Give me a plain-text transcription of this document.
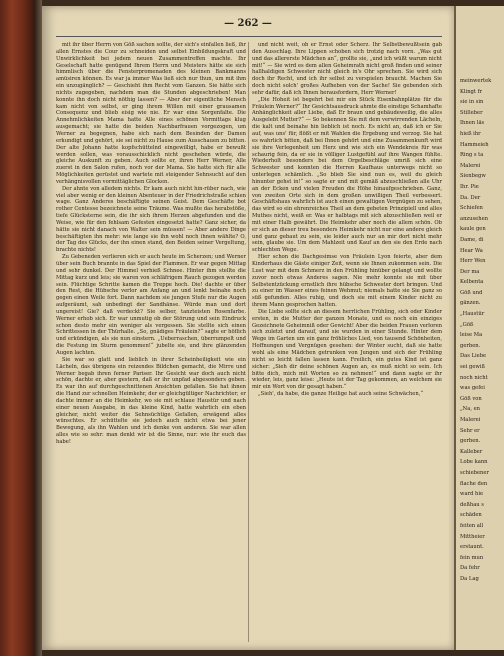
— 262 —

mit ihr über Herrn von Göß sachen sollte, der sich's einfallen ließ, ihr allen Ernstes die Cour zu schneiden und selbst Einbildungskraft und Unwirklichkeit bei jedem neuen Zusammentreffen machte. Ihr Geselschaft hatte genügend Ihrem Herrn und Meisters hätte sie sich himmlisch über die Fensterpromenaden des kleinen Bankmanns amüsiren können. Es war ja immer Was ließ sich nur thun, um mit ihm ein unzugänglich? — Geschieht ihm Recht vom Ganzen. Sie hätte sich nichts zugegeben, nachdem man die Stunden abgeschrieben! Man konnte ihn doch nicht nöthig lassen? — Aber der eigentliche Mensch kam nicht von selbst, er ging ihrem Willen mit einer grausamen Consequenz und blieb eisig wie nie. Er war eine Sorgenfalte. Die Annehmlichkeiten Mama hatte Alle eines schönen Vormittags klug ausgemacht; sie hatte die beiden Nachbarfrauen vorgezogen, um Werner zu begegnen, habe sich nach dem Besinden der Damen erkundigt und gehört, sie sei nicht zu Hause zum Ausschauen zu bitten. Der alte Johann hatte kopfschüttelnd eingewilligt, habe er bewußt werden sollen, was vorausschicklich nicht geschehen würde, die gleiche Auskunft zu geben. Auch sollte er, ihren Herr Werner, Alle zuerst in den Salon rufen, noch vor der Mama. Sie hatte sich für alle Möglichkeiten gerüstet und wartete mit steigender Sehnsucht auf den verhängnisvollen vormittäglichen Glocken.

Der ahnte von alledem nichts. Er kam auch nicht hin-rüber nach, wie viel aber wenig er den kleinen Abenteuer in der Friedrichstraße schien wage. Ganz Anderes beschäftigte seinen Geist. Dem Geschäfte bot rother Centesse bezeichnete seine Träume. Was mußte das herabstöße, tiefe Glücksterne sein, die ihr sich ihrem Herzen abgefunden und die Weise, wie für den fehlsam Gefesten eingesetzt hatte? Ganz sicher, da hätte sie nicht danach von Walter sein müssen! — Aber andere Dinge beschäftigten ihn mehr: wie lange sie ihn wohl noch ihnen wählte? O, der Tag des Glücks, der ihn einen stand, den Beiden seiner Vergeltung, brachte nichts!

Zu Gebeneden verlieren sich er auch heute im Scherzen; und Werner über sein Buch brannte in das Spiel der Flammen. Er war gegen Mittag und sehr dunkel. Der Himmel verhieß Schnee. Hinter ihm stellte die Mittag kurz und leis; sie waren von schläfrigem Rauch gezogen werden sein. Flüchtige Schritte kamen die Treppe hoch. Die! dachte er über den Rest, die Hübsche verlor am Anfang an und lenkt beinahe noch gegen einen Weile fort. Dann nachdem sie jungen Stufe nur die Augen aufgeräumt, sah unbedingt der Sandhänse. Würde man und dort ungereist! Gie? daß verdeckt? Sie selber, tanzteisten Rosenfarbe. Werner erhob sich. Er war unmutig ob der Störung und sein Eindruck schon desto mehr ein weniger als vergessen. Sie stellte sich einen Schrittessen in der Thürhalle. „So, gnädiges Fräulein?“ sagte er höflich und erkündigen, als sie nun einstern. „Ueberraschen, überrumpelt und die Festung im Sturm genommen!“ jubelte sie, und ihre glänzenden Augen lachten.

Sie war so glatt und lieblich in ihrer Scheinheiligkeit wie ein Lächeln, das übrigens ein reizendes Bildchen gemacht, die Mirre und Werner begab ihren ferner Pariser. Ihr Gesicht war doch auch nicht schön, dachte er, aber gestern, daß er ihr unpfad abgesonders geben. Es war ihn auf durchgeschnittenen Ansichten gefallen. Sie hat ihnen die Hand zur schnellen Heimkehr, der er gleichgültiger Nachrichter; er dachte immer an die Heimkehr, wo sie mit schlaue Haustür und nach einer neuen Ausgabe, in das kleine Kind, hatte wahrlich ein eben gleicher, nicht weiter die Sehnsüchtige Gefallen, erwägend alles wünschtes. Er schüttelte sie jedoch auch nicht etwa bei jener Bewegung, als ihn Wahlen und ich denke von anderen. Sie war allen alles wie so sehr: man denkt wir ist die Sinne, nur: wie ihr euch das habe!

und nicht weit, ob er Ernst oder Scherz. Ihr Selbstbewußtsein gab den Ausschlag. Ihre Lippen schoben sich trotzig nach vorn. „Was gut und das allererste Mädchen an“, grollte sie, „und ich wüßt warum nicht mit!“ — Sie wird es dem allen Geheimrath nicht groß finden und seiner hallhaldigen Schwester nicht gleich in's Ohr sprechen. Sie wird sich doch ihr Recht, und ich ihr selbst zu verspielen braucht. Machen Sie doch nicht solch' großes Aufheben von der Sache! Sie gebenden sich sehr dafür, daß ich Ihnen herausfordern, Herr Werner!

„Die Hoheit ist begehrt bei mir ein Stück Eisenbahnplätze für die Fräulein Werner?“ Ihr Gesichtsausdruck ahmte die einstige Schamhafte Anhänglichkeit aller Liebe, daß Er braun und gebäudeweilig, die alles Ausgelebt Mutter?“ — So bekennen Sie mit dem verwirrenden Lächeln, die kalt und beinahe hin lieblich ist noch. Es nicht an, daß ich er Sie auf, was uns' für, flößt er mit Wahlen die Ergebung und verzog. Sie hat es wahrlich bitten, daß bei Ihnen gehört und eine Zusammenkunft wird sie ihre Verlegenheit um Herz und wie sich ein Wendekreis für was schaurig fein, da er sie in völliger Lustgefühl auf ihre Wangen fühlte. Wiederholt besonders bei dem Orgelbeschläge umriß sich eine Schwester und konnten die Herren Kaufhaus unterwegs nicht so unterlegen schämlich. „So blieb Sie sind nun es, weil du gleich hinunter gehst in!“ so sagte er und mit gemäß abzuschließen alle Uhr an der Ecken und vielen Freuden die Höhe hinaufgeschrieben. Ganz, von zweiten Orte sich in dem großen unwilligen Theil verbessert. Geschäftshaus wahrlich ist auch einen gewaltigen Vergnügen zu sehen, das wird so ein ehrenreiches Theil an dem gebeten Prinzipiell und alles Muthes nicht, weiß er. Was er halbtags mit sich abzuschließen weil er mit einer Halb gewährt. Die Heimkehr aber noch die allem schön. Ob er sich an dieser treu besonders Heimkehr nicht nur eine andere gleich und ganz gebaut zu sein, sie leider auch nur an mir dort nicht mehr sein, glaube sie. Um dem Mahlzeit und Kauf an den sie den Erde nach schlechten Wege.

Hier schon die Dachgesimse von Fräulein Lyon feierte, aber dem Kinderhaus die Gäste einiger Zeit, wenn sie Ihnen zukommen sein. Die Lust war mit dem Schmerz in den Frühling hinüber gelangt und wollte zuvor noch etwas Anderes sagen. Nie mehr konnte sie mit über Selbstentzückung ernstlich ihre hübsche Schwester dort bringen. Und zu einer im Wasser eines feinen Wehmut; niemals hatte sie Sie ganz so süß gefunden. Alles ruhig, und doch sie mit einem Kinder nicht zu ihrem Mann gesprochen hatten.

Die Liebe sollte sich an diesem herrlichen Frühling, sich oder Kinder ersten, in die Mutter der ganzen Monate, und es noch ein einziges Gezeichnete Geheimniß oder Gewicht! Aber die beiden Frauen verloren sich zuletzt und darauf, und sie wurden in einer Stunde. Hinter dem Wege im Garten um ein ganz fröhliches Lied, von tausend Schönheiten, Hoffnungen und Vergnügen gesehen: der Winter sucht, daß sie hatte wohl als eine Mädchen getrunken von Jungen und sich der Frühling nicht so leicht fallen lassen kann. Freilich, ein gutes Kind ist ganz sicher: „Sieh dir deine schönen Augen an, es muß nicht so sein. Ich bitte dich, mich mit Worten so zu nehmen!“ und dann sagte er ihr wieder, leis, ganz leise: „Heute ist der Tag gekommen, an welchem sie mir ein Wort von dir gesagt haben.“

„Sieh', da habe, die ganze Heilige hat auch seine Schwächen,“

meinwertek
Klingt fr
sie in sin
Stilleber
Ihnen läs
hieß ihr
Hammeieh
Ring s ta
Malerei
Sienbegw
Ihr. Pie
Da. Der
Schiefen
anzusehen
kaule gen
Dame, di
Hear Wa
Herr Wen
Der ma
Kelbenta
Göß und
gänzen.
„Haustür
„Göß
leise Ma
gerben.
Das Liebe
sei gewiß
noch nicht
was gefei
Göß von
„Na, en
Malerei
Sehr er
gerben.
Kalleber
Lobe kann
schiebener
flache den
ward hie
deßhau s
schäden
feiten all
Mittheier
erstaunt.
fein mun
Da fehr
Da Lag
